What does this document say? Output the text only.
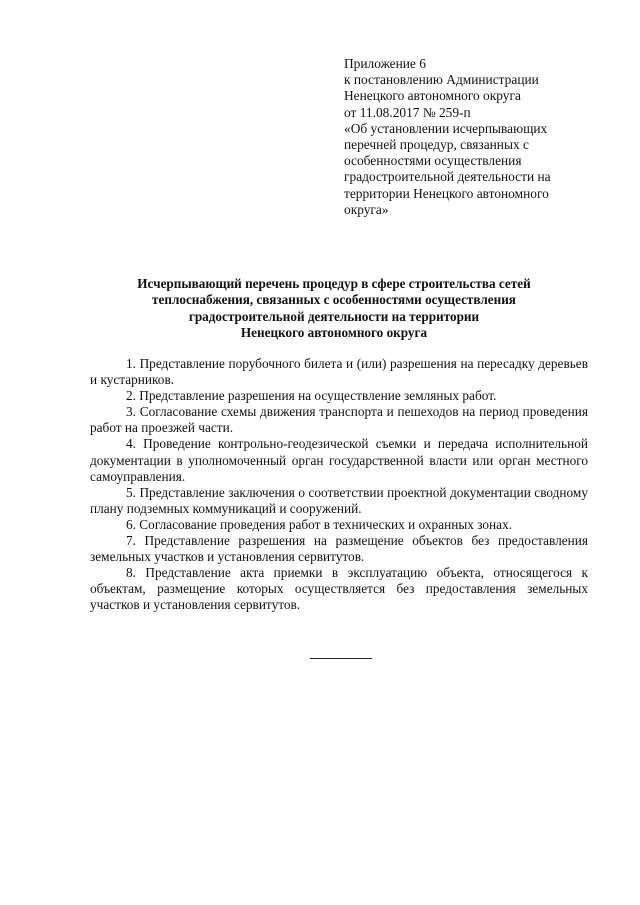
Приложение 6
к постановлению Администрации
Ненецкого автономного округа
от 11.08.2017 № 259-п
«Об установлении исчерпывающих
перечней процедур, связанных с
особенностями осуществления
градостроительной деятельности на
территории Ненецкого автономного
округа»
Исчерпывающий перечень процедур в сфере строительства сетей
теплоснабжения, связанных с особенностями осуществления
градостроительной деятельности на территории
Ненецкого автономного округа

1. Представление порубочного билета и (или) разрешения на пересадку деревьев и кустарников.

2. Представление разрешения на осуществление земляных работ.

3. Согласование схемы движения транспорта и пешеходов на период проведения работ на проезжей части.

4. Проведение контрольно-геодезической съемки и передача исполнительной документации в уполномоченный орган государственной власти или орган местного самоуправления.

5. Представление заключения о соответствии проектной документации сводному плану подземных коммуникаций и сооружений.

6. Согласование проведения работ в технических и охранных зонах.

7. Представление разрешения на размещение объектов без предоставления земельных участков и установления сервитутов.

8. Представление акта приемки в эксплуатацию объекта, относящегося к объектам, размещение которых осуществляется без предоставления земельных участков и установления сервитутов.
